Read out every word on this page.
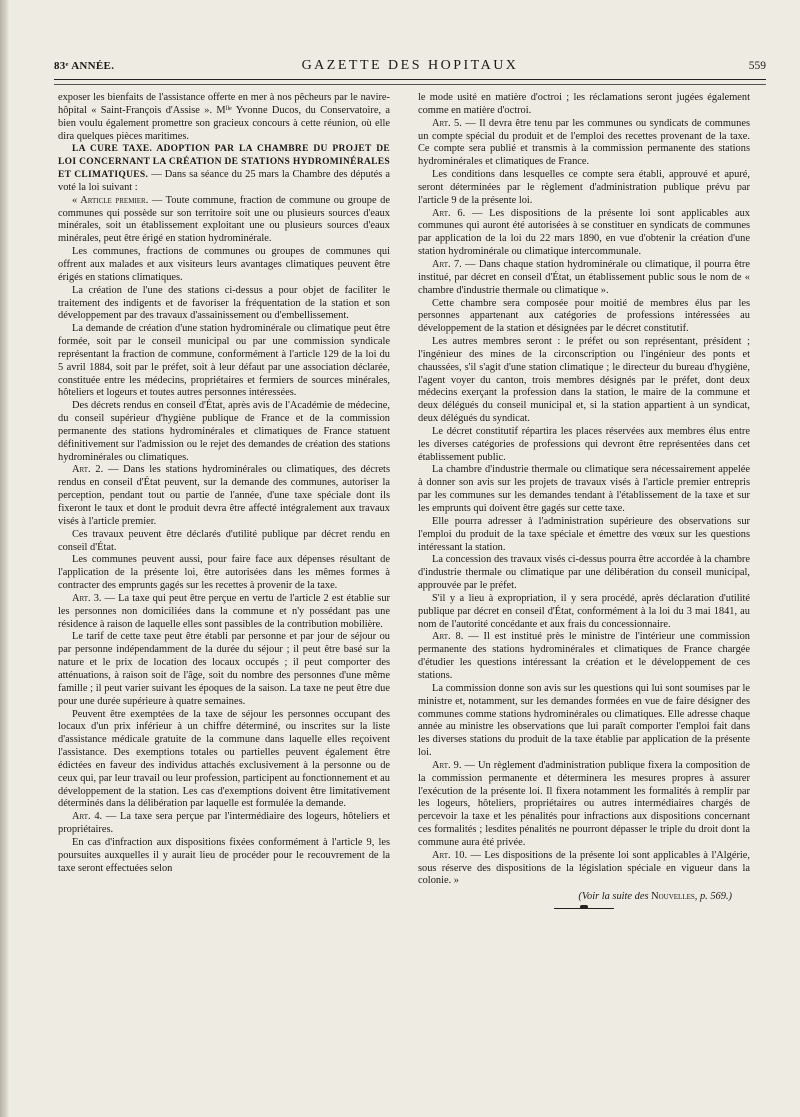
83ᵉ ANNÉE.	GAZETTE DES HOPITAUX	559

exposer les bienfaits de l'assistance offerte en mer à nos pêcheurs par le navire-hôpital « Saint-François d'Assise ». Mˡˡᵉ Yvonne Ducos, du Conservatoire, a bien voulu également promettre son gracieux concours à cette réunion, où elle dira quelques pièces maritimes.

LA CURE TAXE. ADOPTION PAR LA CHAMBRE DU PROJET DE LOI CONCERNANT LA CRÉATION DE STATIONS HYDROMINÉRALES ET CLIMATIQUES. — Dans sa séance du 25 mars la Chambre des députés a voté la loi suivant :

« Article premier. — Toute commune, fraction de commune ou groupe de communes qui possède sur son territoire soit une ou plusieurs sources d'eaux minérales, soit un établissement exploitant une ou plusieurs sources d'eaux minérales, peut être érigé en station hydrominérale.

Les communes, fractions de communes ou groupes de communes qui offrent aux malades et aux visiteurs leurs avantages climatiques peuvent être érigés en stations climatiques.

La création de l'une des stations ci-dessus a pour objet de faciliter le traitement des indigents et de favoriser la fréquentation de la station et son développement par des travaux d'assainissement ou d'embellissement.

La demande de création d'une station hydrominérale ou climatique peut être formée, soit par le conseil municipal ou par une commission syndicale représentant la fraction de commune, conformément à l'article 129 de la loi du 5 avril 1884, soit par le préfet, soit à leur défaut par une association déclarée, constituée entre les médecins, propriétaires et fermiers de sources minérales, hôteliers et logeurs et toutes autres personnes intéressées.

Des décrets rendus en conseil d'État, après avis de l'Académie de médecine, du conseil supérieur d'hygiène publique de France et de la commission permanente des stations hydrominérales et climatiques de France statuent définitivement sur l'admission ou le rejet des demandes de création des stations hydrominérales ou climatiques.

Art. 2. — Dans les stations hydrominérales ou climatiques, des décrets rendus en conseil d'État peuvent, sur la demande des communes, autoriser la perception, pendant tout ou partie de l'année, d'une taxe spéciale dont ils fixeront le taux et dont le produit devra être affecté intégralement aux travaux visés à l'article premier.

Ces travaux peuvent être déclarés d'utilité publique par décret rendu en conseil d'État.

Les communes peuvent aussi, pour faire face aux dépenses résultant de l'application de la présente loi, être autorisées dans les mêmes formes à contracter des emprunts gagés sur les recettes à provenir de la taxe.

Art. 3. — La taxe qui peut être perçue en vertu de l'article 2 est établie sur les personnes non domiciliées dans la commune et n'y possédant pas une résidence à raison de laquelle elles sont passibles de la contribution mobilière.

Le tarif de cette taxe peut être établi par personne et par jour de séjour ou par personne indépendamment de la durée du séjour ; il peut être basé sur la nature et le prix de location des locaux occupés ; il peut comporter des atténuations, à raison soit de l'âge, soit du nombre des personnes d'une même famille ; il peut varier suivant les époques de la saison. La taxe ne peut être due pour une durée supérieure à quatre semaines.

Peuvent être exemptées de la taxe de séjour les personnes occupant des locaux d'un prix inférieur à un chiffre déterminé, ou inscrites sur la liste d'assistance médicale gratuite de la commune dans laquelle elles reçoivent l'assistance. Des exemptions totales ou partielles peuvent également être édictées en faveur des individus attachés exclusivement à la personne ou de ceux qui, par leur travail ou leur profession, participent au fonctionnement et au développement de la station. Les cas d'exemptions doivent être limitativement déterminés dans la délibération par laquelle est formulée la demande.

Art. 4. — La taxe sera perçue par l'intermédiaire des logeurs, hôteliers et propriétaires.

En cas d'infraction aux dispositions fixées conformément à l'article 9, les poursuites auxquelles il y aurait lieu de procéder pour le recouvrement de la taxe seront effectuées selon

le mode usité en matière d'octroi ; les réclamations seront jugées également comme en matière d'octroi.

Art. 5. — Il devra être tenu par les communes ou syndicats de communes un compte spécial du produit et de l'emploi des recettes provenant de la taxe. Ce compte sera publié et transmis à la commission permanente des stations hydrominérales et climatiques de France.

Les conditions dans lesquelles ce compte sera établi, approuvé et apuré, seront déterminées par le règlement d'administration publique prévu par l'article 9 de la présente loi.

Art. 6. — Les dispositions de la présente loi sont applicables aux communes qui auront été autorisées à se constituer en syndicats de communes par application de la loi du 22 mars 1890, en vue d'obtenir la création d'une station hydrominérale ou climatique intercommunale.

Art. 7. — Dans chaque station hydrominérale ou climatique, il pourra être institué, par décret en conseil d'État, un établissement public sous le nom de « chambre d'industrie thermale ou climatique ».

Cette chambre sera composée pour moitié de membres élus par les personnes appartenant aux catégories de professions intéressées au développement de la station et désignées par le décret constitutif.

Les autres membres seront : le préfet ou son représentant, président ; l'ingénieur des mines de la circonscription ou l'ingénieur des ponts et chaussées, s'il s'agit d'une station climatique ; le directeur du bureau d'hygiène, l'agent voyer du canton, trois membres désignés par le préfet, dont deux médecins exerçant la profession dans la station, le maire de la commune et deux délégués du conseil municipal et, si la station appartient à un syndicat, deux délégués du syndicat.

Le décret constitutif répartira les places réservées aux membres élus entre les diverses catégories de professions qui devront être représentées dans cet établissement public.

La chambre d'industrie thermale ou climatique sera nécessairement appelée à donner son avis sur les projets de travaux visés à l'article premier entrepris par les communes sur les demandes tendant à l'établissement de la taxe et sur les emprunts qui doivent être gagés sur cette taxe.

Elle pourra adresser à l'administration supérieure des observations sur l'emploi du produit de la taxe spéciale et émettre des vœux sur les questions intéressant la station.

La concession des travaux visés ci-dessus pourra être accordée à la chambre d'industrie thermale ou climatique par une délibération du conseil municipal, approuvée par le préfet.

S'il y a lieu à expropriation, il y sera procédé, après déclaration d'utilité publique par décret en conseil d'État, conformément à la loi du 3 mai 1841, au nom de l'autorité concédante et aux frais du concessionnaire.

Art. 8. — Il est institué près le ministre de l'intérieur une commission permanente des stations hydrominérales et climatiques de France chargée d'étudier les questions intéressant la création et le développement de ces stations.

La commission donne son avis sur les questions qui lui sont soumises par le ministre et, notamment, sur les demandes formées en vue de faire désigner des communes comme stations hydrominérales ou climatiques. Elle adresse chaque année au ministre les observations que lui paraît comporter l'emploi fait dans les diverses stations du produit de la taxe établie par application de la présente loi.

Art. 9. — Un règlement d'administration publique fixera la composition de la commission permanente et déterminera les mesures propres à assurer l'exécution de la présente loi. Il fixera notamment les formalités à remplir par les logeurs, hôteliers, propriétaires ou autres intermédiaires chargés de percevoir la taxe et les pénalités pour infractions aux dispositions concernant ces formalités ; lesdites pénalités ne pourront dépasser le triple du droit dont la commune aura été privée.

Art. 10. — Les dispositions de la présente loi sont applicables à l'Algérie, sous réserve des dispositions de la législation spéciale en vigueur dans la colonie. »

(Voir la suite des Nouvelles, p. 569.)
